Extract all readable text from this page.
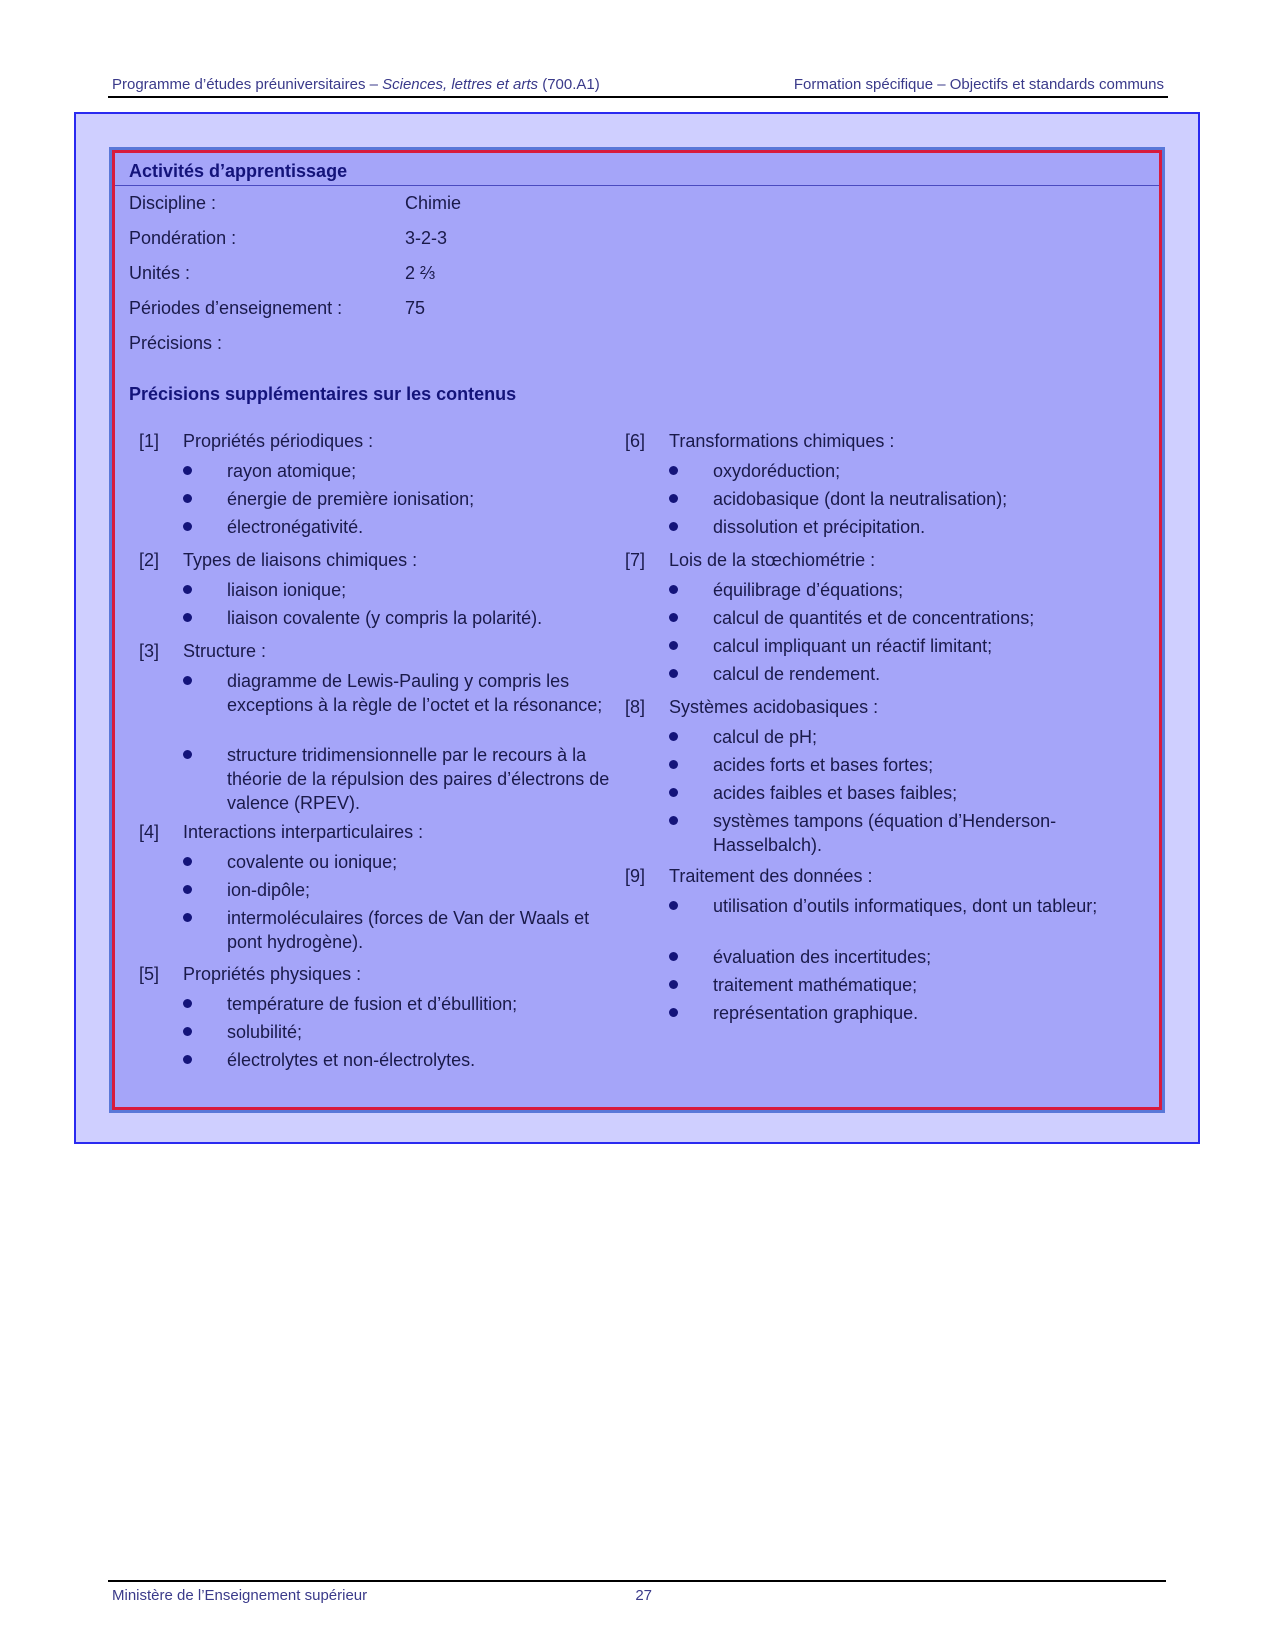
Programme d’études préuniversitaires – Sciences, lettres et arts (700.A1)	Formation spécifique – Objectifs et standards communs
Activités d’apprentissage
Discipline :	Chimie
Pondération :	3-2-3
Unités :	2 ⅔
Périodes d’enseignement :	75
Précisions :
Précisions supplémentaires sur les contenus
[1] Propriétés périodiques :
rayon atomique;
énergie de première ionisation;
électronégativité.
[2] Types de liaisons chimiques :
liaison ionique;
liaison covalente (y compris la polarité).
[3] Structure :
diagramme de Lewis-Pauling y compris les exceptions à la règle de l’octet et la résonance;
structure tridimensionnelle par le recours à la théorie de la répulsion des paires d’électrons de valence (RPEV).
[4] Interactions interparticulaires :
covalente ou ionique;
ion-dipôle;
intermoléculaires (forces de Van der Waals et pont hydrogène).
[5] Propriétés physiques :
température de fusion et d’ébullition;
solubilité;
électrolytes et non-électrolytes.
[6] Transformations chimiques :
oxydoréduction;
acidobasique (dont la neutralisation);
dissolution et précipitation.
[7] Lois de la stœchiométrie :
équilibrage d’équations;
calcul de quantités et de concentrations;
calcul impliquant un réactif limitant;
calcul de rendement.
[8] Systèmes acidobasiques :
calcul de pH;
acides forts et bases fortes;
acides faibles et bases faibles;
systèmes tampons (équation d’Henderson-Hasselbalch).
[9] Traitement des données :
utilisation d’outils informatiques, dont un tableur;
évaluation des incertitudes;
traitement mathématique;
représentation graphique.
Ministère de l’Enseignement supérieur	27
